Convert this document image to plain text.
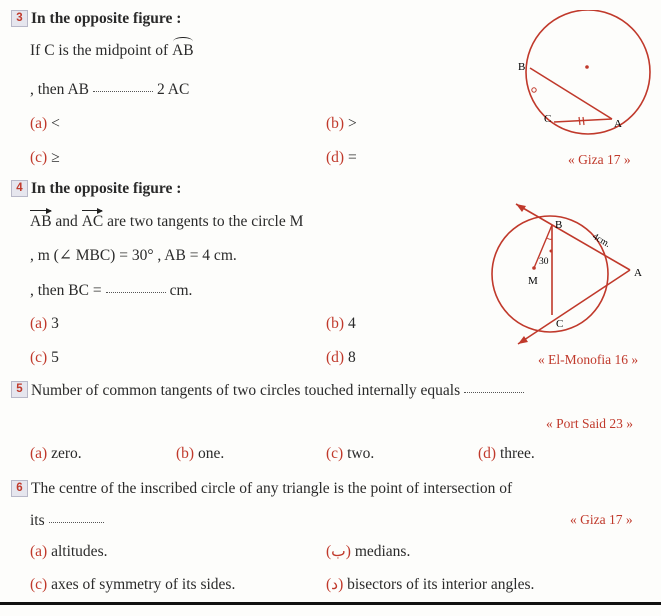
3 In the opposite figure :
If C is the midpoint of AB
, then AB	2 AC
(a) <	(b) >
(c) ≥	(d) =	« Giza 17 »
B
C	A
4 In the opposite figure :
AB and AC are two tangents to the circle M
, m (∠ MBC) = 30° , AB = 4 cm.
, then BC =	cm.
(a) 3	(b) 4
(c) 5	(d) 8	« El-Monofia 16 »
B
A
C
M
30
4cm.
5 Number of common tangents of two circles touched internally equals
« Port Said 23 »
(a) zero.	(b) one.	(c) two.	(d) three.
6 The centre of the inscribed circle of any triangle is the point of intersection of
its	« Giza 17 »
(a) altitudes.	(ب) medians.
(c) axes of symmetry of its sides.	(د) bisectors of its interior angles.
